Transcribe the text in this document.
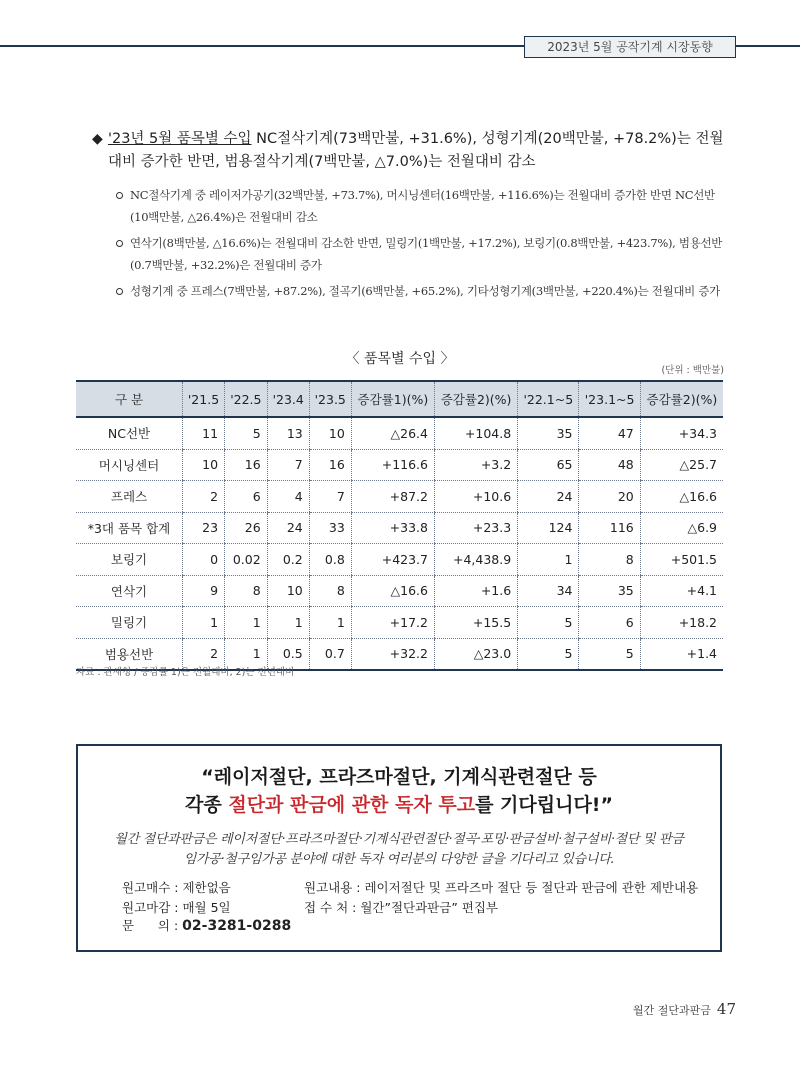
2023년 5월 공작기계 시장동향
◆ '23년 5월 품목별 수입 NC절삭기계(73백만불, +31.6%), 성형기계(20백만불, +78.2%)는 전월대비 증가한 반면, 범용절삭기계(7백만불, △7.0%)는 전월대비 감소
NC절삭기계 중 레이저가공기(32백만불, +73.7%), 머시닝센터(16백만불, +116.6%)는 전월대비 증가한 반면 NC선반(10백만불, △26.4%)은 전월대비 감소
연삭기(8백만불, △16.6%)는 전월대비 감소한 반면, 밀링기(1백만불, +17.2%), 보링기(0.8백만불, +423.7%), 범용선반(0.7백만불, +32.2%)은 전월대비 증가
성형기계 중 프레스(7백만불, +87.2%), 절곡기(6백만불, +65.2%), 기타성형기계(3백만불, +220.4%)는 전월대비 증가
〈 품목별 수입 〉
(단위 : 백만불)
구 분	'21.5	'22.5	'23.4	'23.5	증감률1)(%)	증감률2)(%)	'22.1~5	'23.1~5	증감률2)(%)
NC선반	11	5	13	10	△26.4	+104.8	35	47	+34.3
머시닝센터	10	16	7	16	+116.6	+3.2	65	48	△25.7
프레스	2	6	4	7	+87.2	+10.6	24	20	△16.6
*3대 품목 합계	23	26	24	33	+33.8	+23.3	124	116	△6.9
보링기	0	0.02	0.2	0.8	+423.7	+4,438.9	1	8	+501.5
연삭기	9	8	10	8	△16.6	+1.6	34	35	+4.1
밀링기	1	1	1	1	+17.2	+15.5	5	6	+18.2
범용선반	2	1	0.5	0.7	+32.2	△23.0	5	5	+1.4
자료 : 관세청 / 증감률 1)은 전월대비, 2)는 전년대비
“레이저절단, 프라즈마절단, 기계식관련절단 등
각종 절단과 판금에 관한 독자 투고를 기다립니다!”
월간 절단과판금은 레이저절단·프라즈마절단·기계식관련절단·절곡·포밍·판금설비·철구설비·절단 및 판금
임가공·철구임가공 분야에 대한 독자 여러분의 다양한 글을 기다리고 있습니다.
원고매수 : 제한없음
원고마감 : 매월 5일
문      의 : 02-3281-0288
원고내용 : 레이저절단 및 프라즈마 절단 등 절단과 판금에 관한 제반내용
접 수 처 : 월간”절단과판금” 편집부
월간 절단과판금 47
